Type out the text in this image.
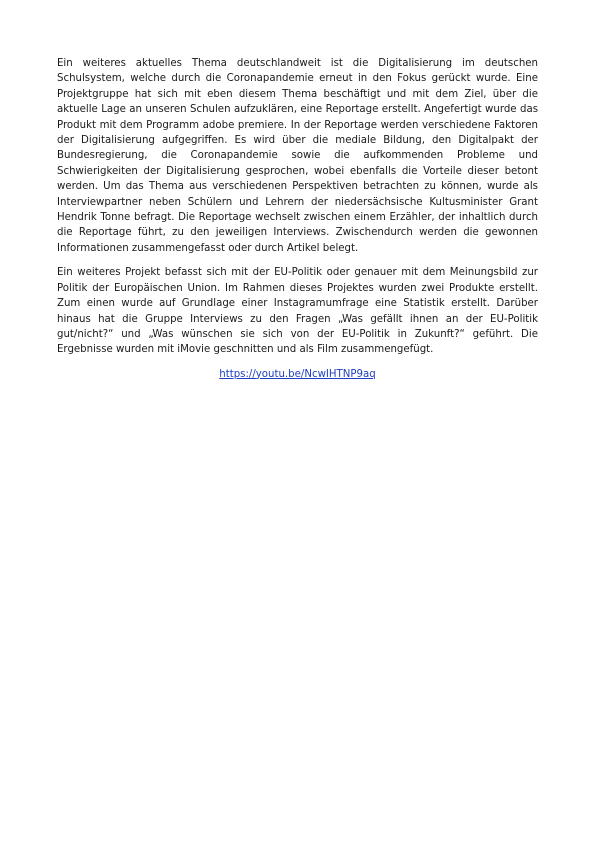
Ein weiteres aktuelles Thema deutschlandweit ist die Digitalisierung im deutschen Schulsystem, welche durch die Coronapandemie erneut in den Fokus gerückt wurde. Eine Projektgruppe hat sich mit eben diesem Thema beschäftigt und mit dem Ziel, über die aktuelle Lage an unseren Schulen aufzuklären, eine Reportage erstellt. Angefertigt wurde das Produkt mit dem Programm adobe premiere. In der Reportage werden verschiedene Faktoren der Digitalisierung aufgegriffen. Es wird über die mediale Bildung, den Digitalpakt der Bundesregierung, die Coronapandemie sowie die aufkommenden Probleme und Schwierigkeiten der Digitalisierung gesprochen, wobei ebenfalls die Vorteile dieser betont werden. Um das Thema aus verschiedenen Perspektiven betrachten zu können, wurde als Interviewpartner neben Schülern und Lehrern der niedersächsische Kultusminister Grant Hendrik Tonne befragt. Die Reportage wechselt zwischen einem Erzähler, der inhaltlich durch die Reportage führt, zu den jeweiligen Interviews. Zwischendurch werden die gewonnen Informationen zusammengefasst oder durch Artikel belegt.

Ein weiteres Projekt befasst sich mit der EU-Politik oder genauer mit dem Meinungsbild zur Politik der Europäischen Union. Im Rahmen dieses Projektes wurden zwei Produkte erstellt. Zum einen wurde auf Grundlage einer Instagramumfrage eine Statistik erstellt. Darüber hinaus hat die Gruppe Interviews zu den Fragen „Was gefällt ihnen an der EU-Politik gut/nicht?“ und „Was wünschen sie sich von der EU-Politik in Zukunft?“ geführt. Die Ergebnisse wurden mit iMovie geschnitten und als Film zusammengefügt.

https://youtu.be/NcwIHTNP9aq
